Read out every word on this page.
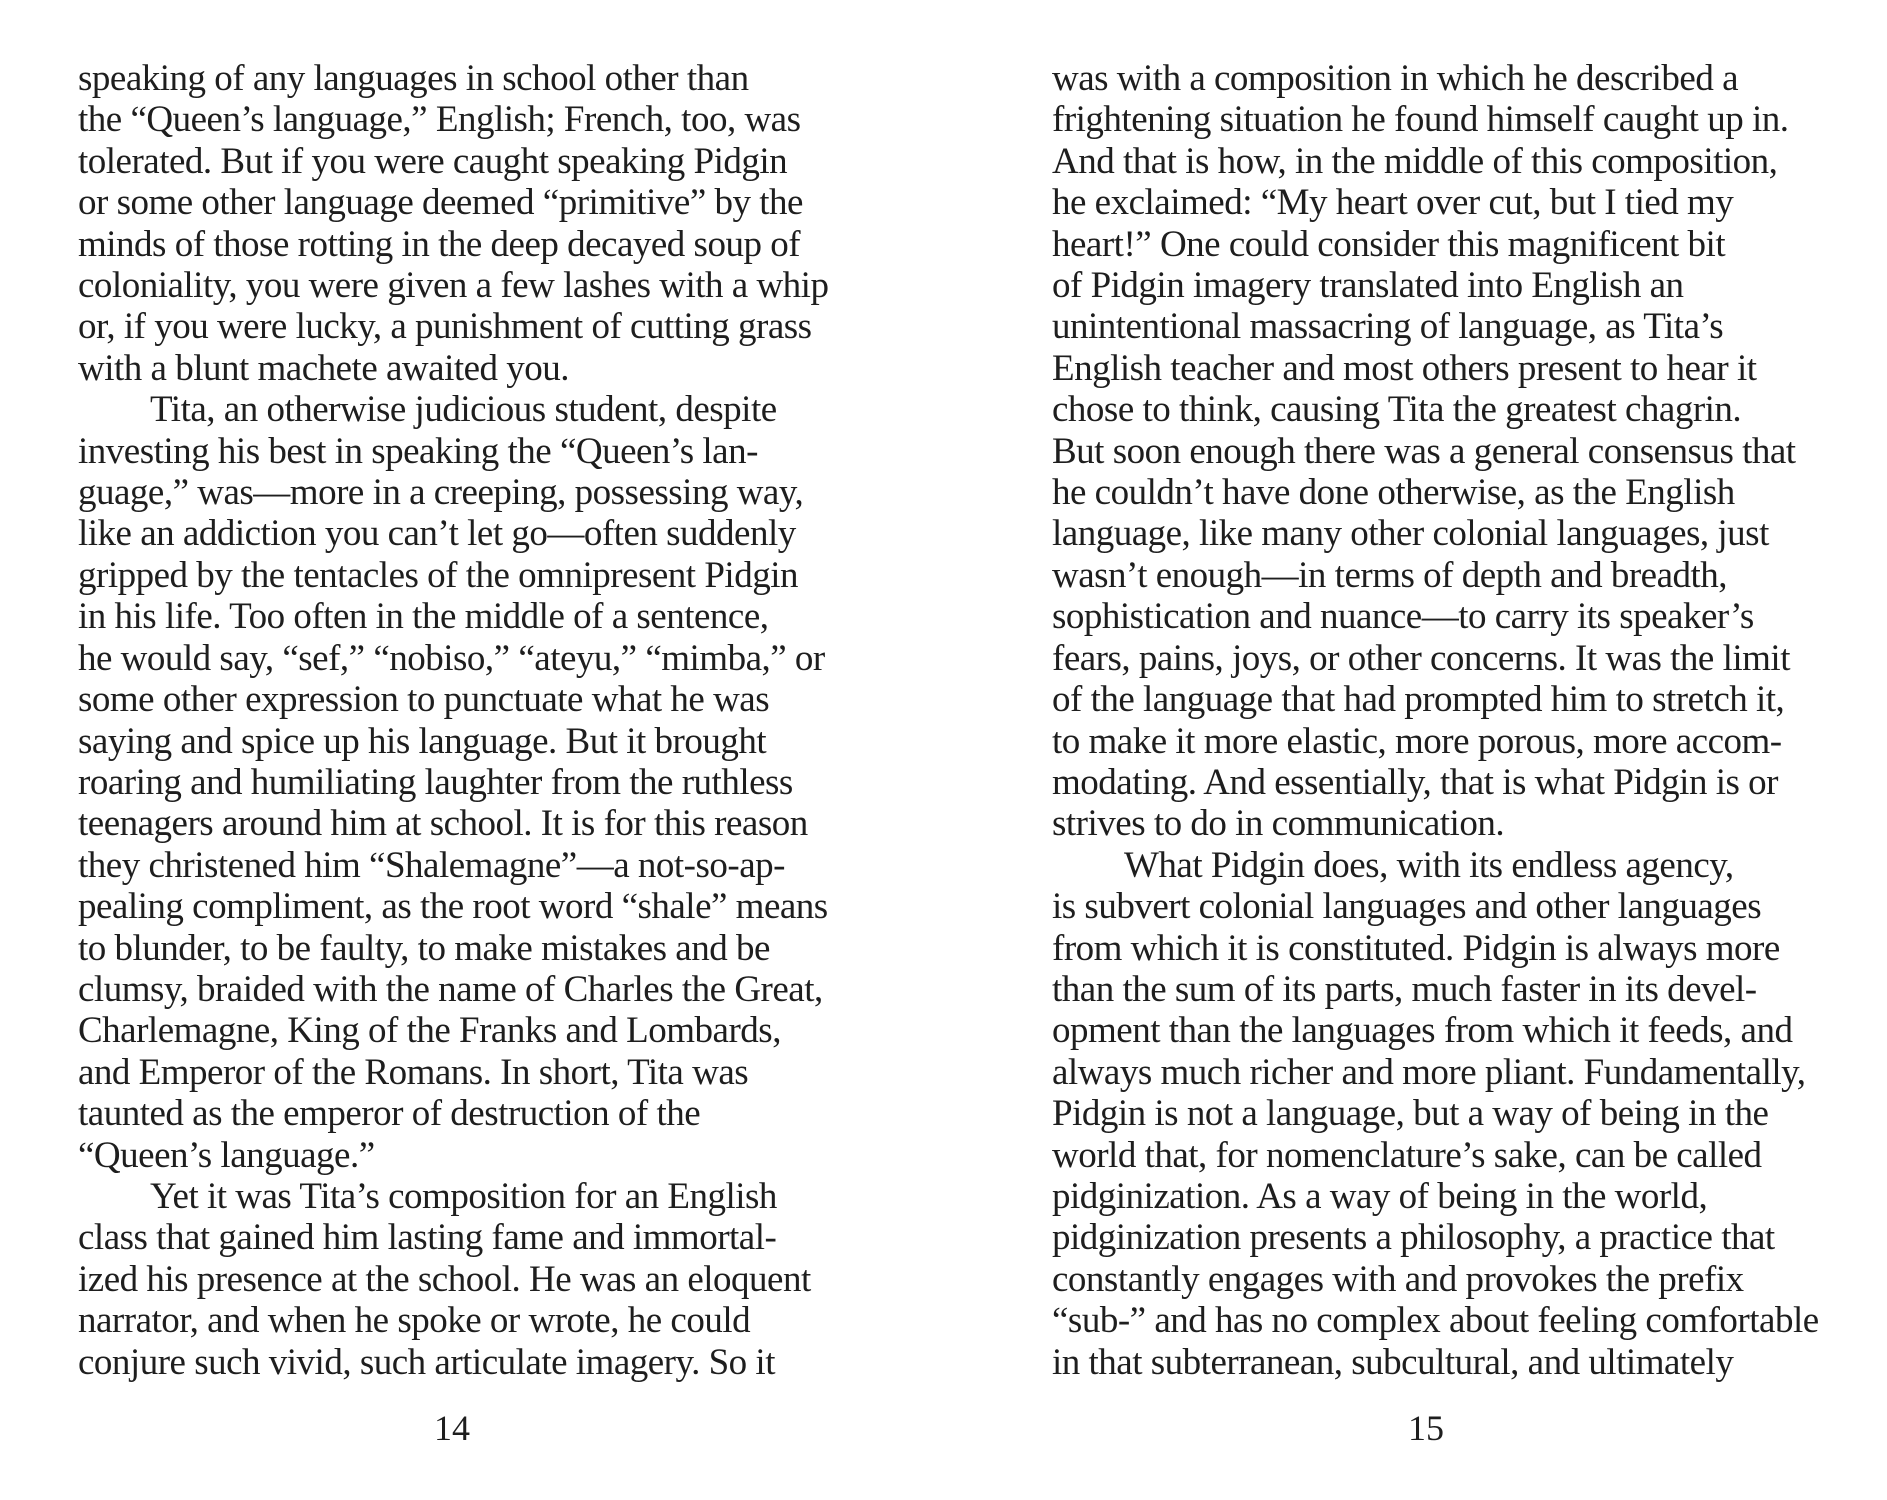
speaking of any languages in school other than
the “Queen’s language,” English; French, too, was
tolerated. But if you were caught speaking Pidgin
or some other language deemed “primitive” by the
minds of those rotting in the deep decayed soup of
coloniality, you were given a few lashes with a whip
or, if you were lucky, a punishment of cutting grass
with a blunt machete awaited you.
Tita, an otherwise judicious student, despite
investing his best in speaking the “Queen’s lan-
guage,” was—more in a creeping, possessing way,
like an addiction you can’t let go—often suddenly
gripped by the tentacles of the omnipresent Pidgin
in his life. Too often in the middle of a sentence,
he would say, “sef,” “nobiso,” “ateyu,” “mimba,” or
some other expression to punctuate what he was
saying and spice up his language. But it brought
roaring and humiliating laughter from the ruthless
teenagers around him at school. It is for this reason
they christened him “Shalemagne”—a not-so-ap-
pealing compliment, as the root word “shale” means
to blunder, to be faulty, to make mistakes and be
clumsy, braided with the name of Charles the Great,
Charlemagne, King of the Franks and Lombards,
and Emperor of the Romans. In short, Tita was
taunted as the emperor of destruction of the
“Queen’s language.”
Yet it was Tita’s composition for an English
class that gained him lasting fame and immortal-
ized his presence at the school. He was an eloquent
narrator, and when he spoke or wrote, he could
conjure such vivid, such articulate imagery. So it
14
was with a composition in which he described a
frightening situation he found himself caught up in.
And that is how, in the middle of this composition,
he exclaimed: “My heart over cut, but I tied my
heart!” One could consider this magnificent bit
of Pidgin imagery translated into English an
unintentional massacring of language, as Tita’s
English teacher and most others present to hear it
chose to think, causing Tita the greatest chagrin.
But soon enough there was a general consensus that
he couldn’t have done otherwise, as the English
language, like many other colonial languages, just
wasn’t enough—in terms of depth and breadth,
sophistication and nuance—to carry its speaker’s
fears, pains, joys, or other concerns. It was the limit
of the language that had prompted him to stretch it,
to make it more elastic, more porous, more accom-
modating. And essentially, that is what Pidgin is or
strives to do in communication.
What Pidgin does, with its endless agency,
is subvert colonial languages and other languages
from which it is constituted. Pidgin is always more
than the sum of its parts, much faster in its devel-
opment than the languages from which it feeds, and
always much richer and more pliant. Fundamentally,
Pidgin is not a language, but a way of being in the
world that, for nomenclature’s sake, can be called
pidginization. As a way of being in the world,
pidginization presents a philosophy, a practice that
constantly engages with and provokes the prefix
“sub-” and has no complex about feeling comfortable
in that subterranean, subcultural, and ultimately
15
